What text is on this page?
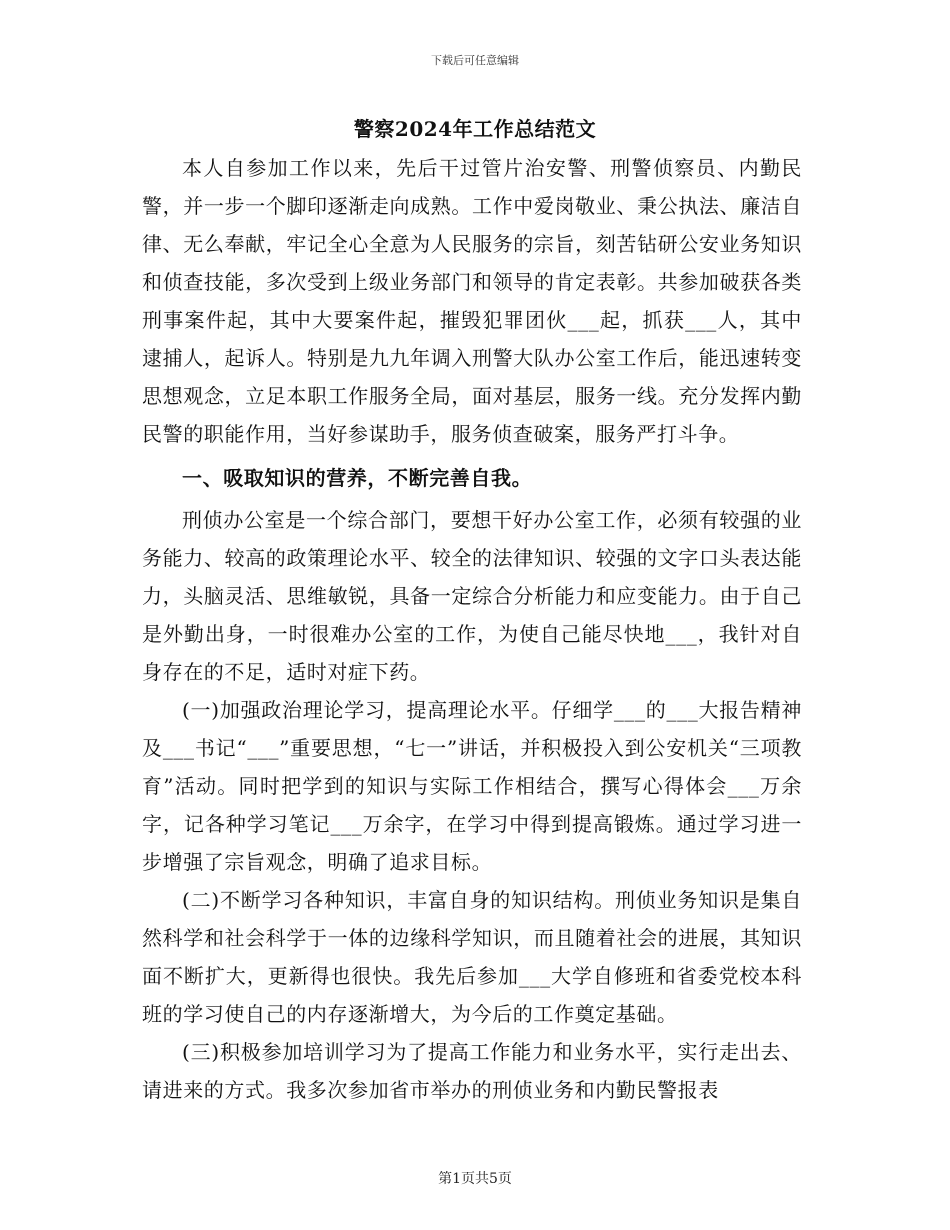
下载后可任意编辑
警察2024年工作总结范文

本人自参加工作以来，先后干过管片治安警、刑警侦察员、内勤民警，并一步一个脚印逐渐走向成熟。工作中爱岗敬业、秉公执法、廉洁自律、无么奉献，牢记全心全意为人民服务的宗旨，刻苦钻研公安业务知识和侦查技能，多次受到上级业务部门和领导的肯定表彰。共参加破获各类刑事案件起，其中大要案件起，摧毁犯罪团伙___起，抓获___人，其中逮捕人，起诉人。特别是九九年调入刑警大队办公室工作后，能迅速转变思想观念，立足本职工作服务全局，面对基层，服务一线。充分发挥内勤民警的职能作用，当好参谋助手，服务侦查破案，服务严打斗争。

一、吸取知识的营养，不断完善自我。

刑侦办公室是一个综合部门，要想干好办公室工作，必须有较强的业务能力、较高的政策理论水平、较全的法律知识、较强的文字口头表达能力，头脑灵活、思维敏锐，具备一定综合分析能力和应变能力。由于自己是外勤出身，一时很难办公室的工作，为使自己能尽快地___，我针对自身存在的不足，适时对症下药。

(一)加强政治理论学习，提高理论水平。仔细学___的___大报告精神及___书记“___”重要思想，“七一”讲话，并积极投入到公安机关“三项教育”活动。同时把学到的知识与实际工作相结合，撰写心得体会___万余字，记各种学习笔记___万余字，在学习中得到提高锻炼。通过学习进一步增强了宗旨观念，明确了追求目标。

(二)不断学习各种知识，丰富自身的知识结构。刑侦业务知识是集自然科学和社会科学于一体的边缘科学知识，而且随着社会的进展，其知识面不断扩大，更新得也很快。我先后参加___大学自修班和省委党校本科班的学习使自己的内存逐渐增大，为今后的工作奠定基础。

(三)积极参加培训学习为了提高工作能力和业务水平，实行走出去、请进来的方式。我多次参加省市举办的刑侦业务和内勤民警报表

第1页共5页
